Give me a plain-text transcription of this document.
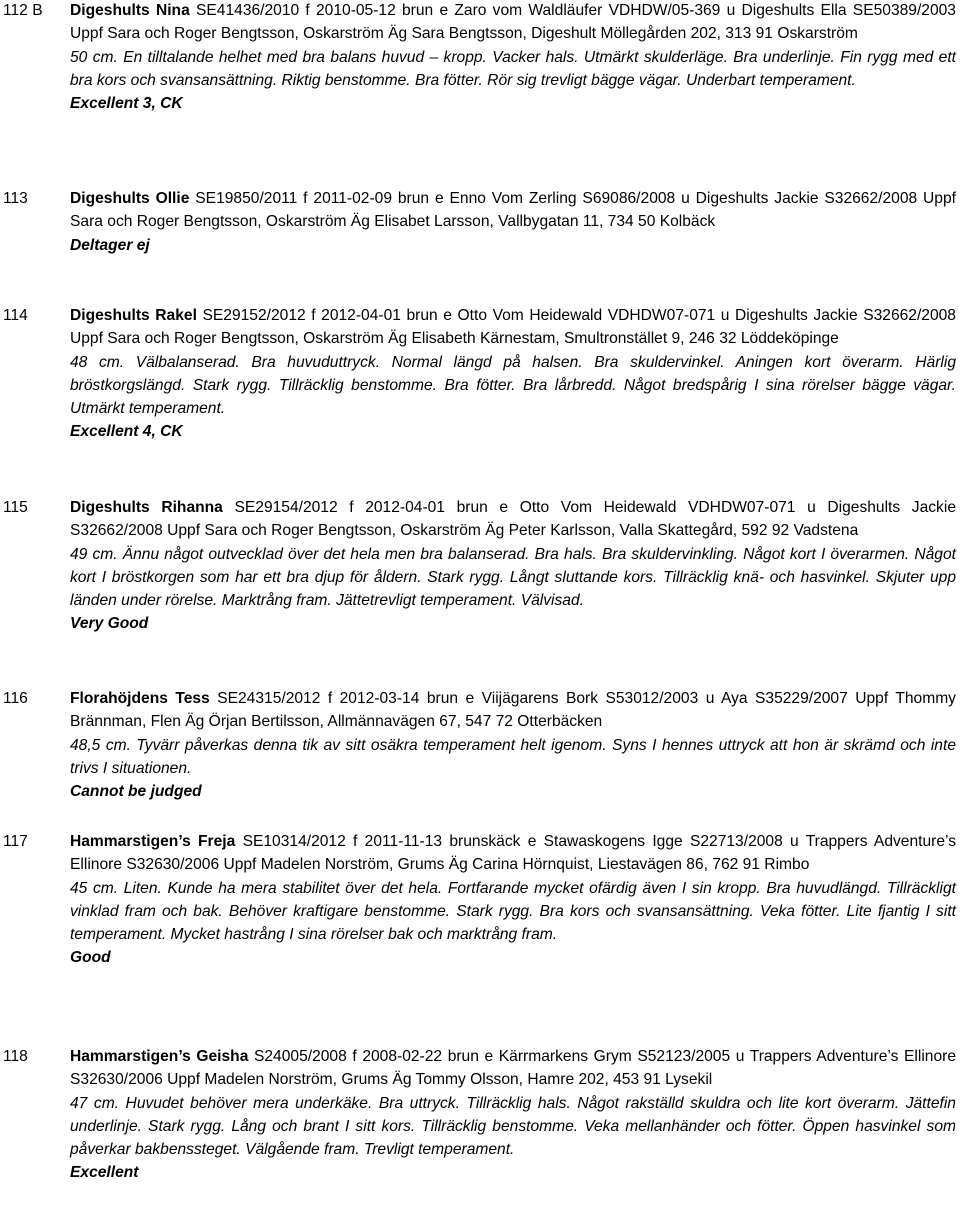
112 B	Digeshults Nina SE41436/2010 f 2010-05-12 brun e Zaro vom Waldläufer VDHDW/05-369 u Digeshults Ella SE50389/2003 Uppf Sara och Roger Bengtsson, Oskarström Äg Sara Bengtsson, Digeshult Möllegården 202, 313 91 Oskarström

50 cm. En tilltalande helhet med bra balans huvud – kropp. Vacker hals. Utmärkt skulderläge. Bra underlinje. Fin rygg med ett bra kors och svansansättning. Riktig benstomme. Bra fötter. Rör sig trevligt bägge vägar. Underbart temperament.

Excellent 3, CK

113	Digeshults Ollie SE19850/2011 f 2011-02-09 brun e Enno Vom Zerling S69086/2008 u Digeshults Jackie S32662/2008 Uppf Sara och Roger Bengtsson, Oskarström Äg Elisabet Larsson, Vallbygatan 11, 734 50 Kolbäck

Deltager ej

114	Digeshults Rakel SE29152/2012 f 2012-04-01 brun e Otto Vom Heidewald VDHDW07-071 u Digeshults Jackie S32662/2008 Uppf Sara och Roger Bengtsson, Oskarström Äg Elisabeth Kärnestam, Smultronstället 9, 246 32 Löddeköpinge

48 cm. Välbalanserad. Bra huvuduttryck. Normal längd på halsen. Bra skuldervinkel. Aningen kort överarm. Härlig bröstkorgslängd. Stark rygg. Tillräcklig benstomme. Bra fötter. Bra lårbredd. Något bredspårig I sina rörelser bägge vägar. Utmärkt temperament.

Excellent 4, CK

115	Digeshults Rihanna SE29154/2012 f 2012-04-01 brun e Otto Vom Heidewald VDHDW07-071 u Digeshults Jackie S32662/2008 Uppf Sara och Roger Bengtsson, Oskarström Äg Peter Karlsson, Valla Skattegård, 592 92 Vadstena

49 cm. Ännu något outvecklad över det hela men bra balanserad. Bra hals. Bra skuldervinkling. Något kort I överarmen. Något kort I bröstkorgen som har ett bra djup för åldern. Stark rygg. Långt sluttande kors. Tillräcklig knä- och hasvinkel. Skjuter upp länden under rörelse. Marktrång fram. Jättetrevligt temperament. Välvisad.

Very Good

116	Florahöjdens Tess SE24315/2012 f 2012-03-14 brun e Viijägarens Bork S53012/2003 u Aya S35229/2007 Uppf Thommy Brännman, Flen Äg Örjan Bertilsson, Allmännavägen 67, 547 72 Otterbäcken

48,5 cm. Tyvärr påverkas denna tik av sitt osäkra temperament helt igenom. Syns I hennes uttryck att hon är skrämd och inte trivs I situationen.

Cannot be judged

117	Hammarstigen’s Freja SE10314/2012 f 2011-11-13 brunskäck e Stawaskogens Igge S22713/2008 u Trappers Adventure’s Ellinore S32630/2006 Uppf Madelen Norström, Grums Äg Carina Hörnquist, Liestavägen 86, 762 91 Rimbo

45 cm. Liten. Kunde ha mera stabilitet över det hela. Fortfarande mycket ofärdig även I sin kropp. Bra huvudlängd. Tillräckligt vinklad fram och bak. Behöver kraftigare benstomme. Stark rygg. Bra kors och svansansättning. Veka fötter. Lite fjantig I sitt temperament. Mycket hastrång I sina rörelser bak och marktrång fram.

Good

118	Hammarstigen’s Geisha S24005/2008 f 2008-02-22 brun e Kärrmarkens Grym S52123/2005 u Trappers Adventure’s Ellinore S32630/2006 Uppf Madelen Norström, Grums Äg Tommy Olsson, Hamre 202, 453 91 Lysekil

47 cm. Huvudet behöver mera underkäke. Bra uttryck. Tillräcklig hals. Något rakställd skuldra och lite kort överarm. Jättefin underlinje. Stark rygg. Lång och brant I sitt kors. Tillräcklig benstomme. Veka mellanhänder och fötter. Öppen hasvinkel som påverkar bakbenssteget. Välgående fram. Trevligt temperament.

Excellent
